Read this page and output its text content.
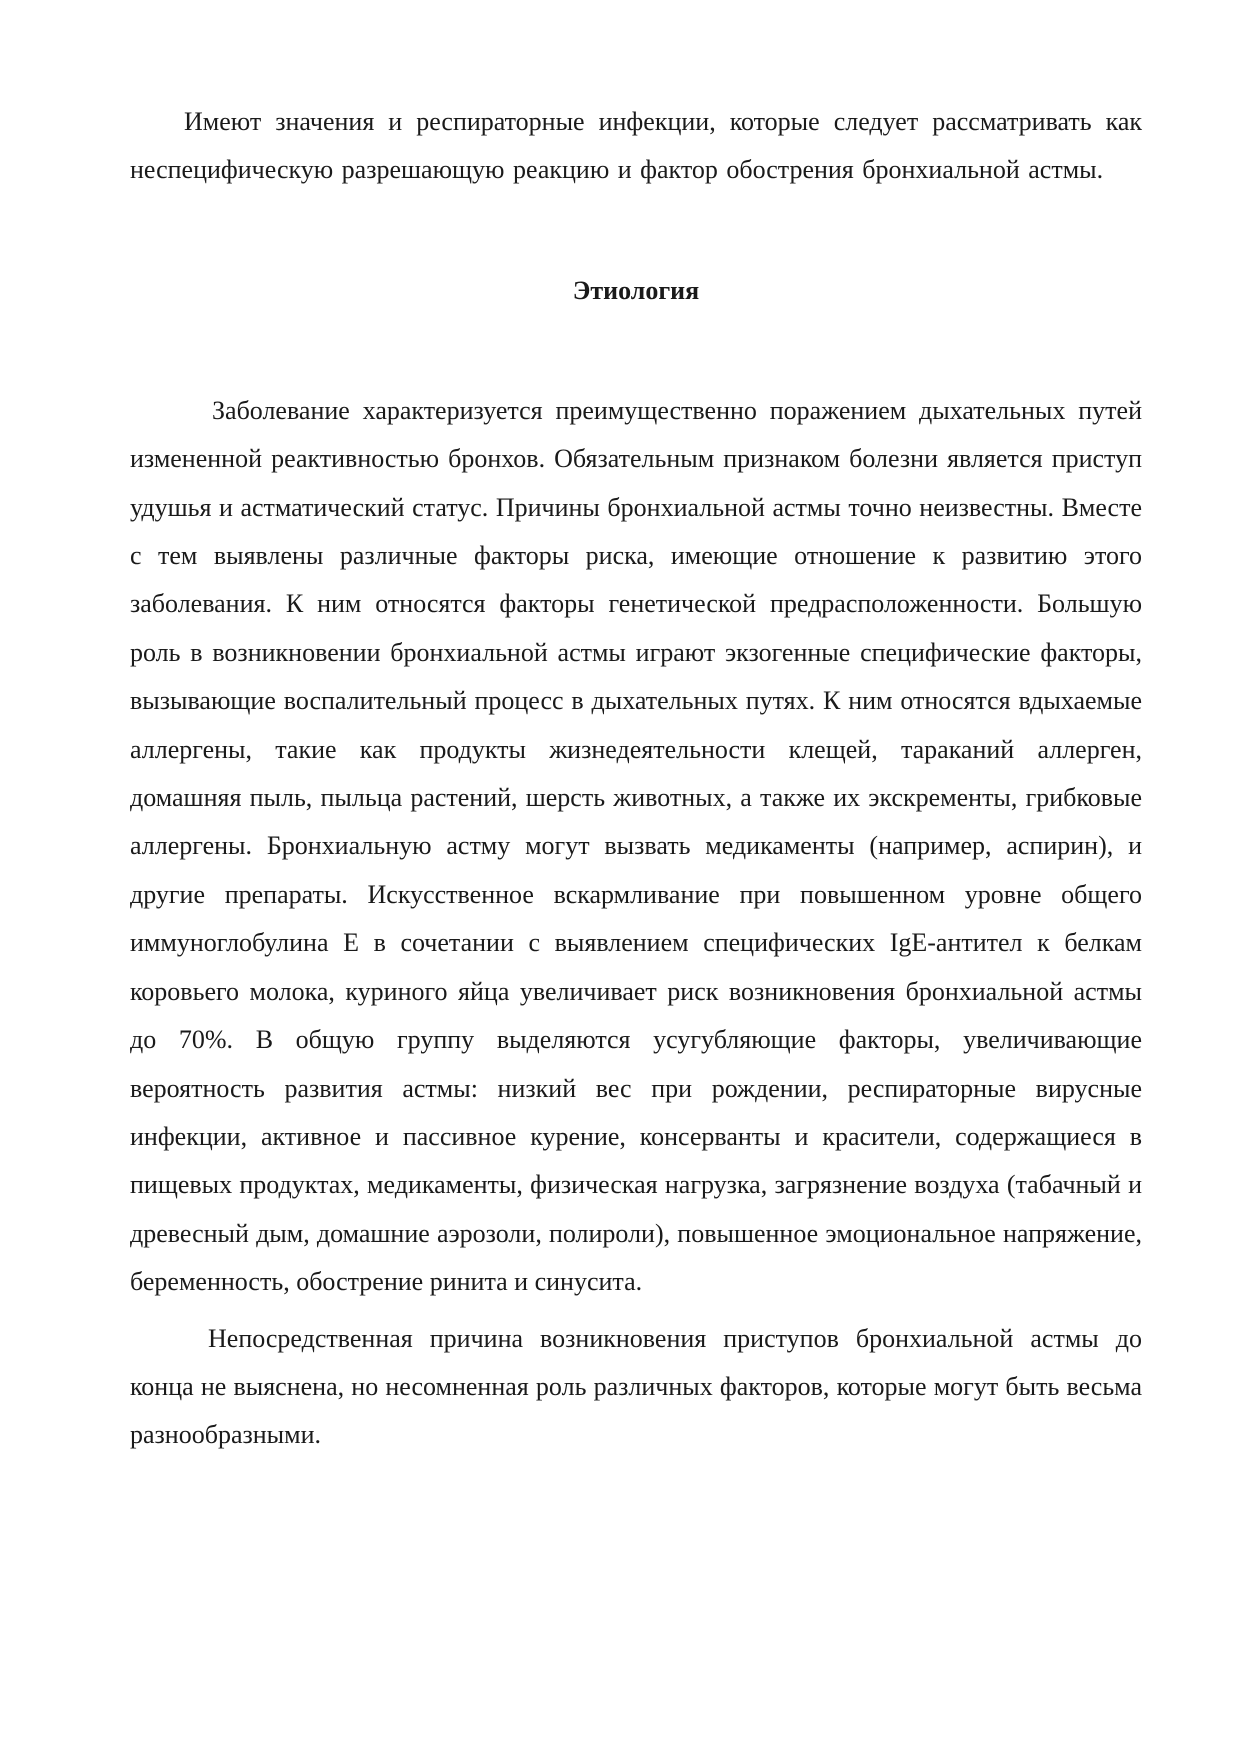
Имеют значения и респираторные инфекции, которые следует рассматривать как неспецифическую разрешающую реакцию и фактор обострения бронхиальной астмы.

Этиология

Заболевание характеризуется преимущественно поражением дыхательных путей измененной реактивностью бронхов. Обязательным признаком болезни является приступ удушья и астматический статус. Причины бронхиальной астмы точно неизвестны. Вместе с тем выявлены различные факторы риска, имеющие отношение к развитию этого заболевания. К ним относятся факторы генетической предрасположенности. Большую роль в возникновении бронхиальной астмы играют экзогенные специфические факторы, вызывающие воспалительный процесс в дыхательных путях. К ним относятся вдыхаемые аллергены, такие как продукты жизнедеятельности клещей, тараканий аллерген, домашняя пыль, пыльца растений, шерсть животных, а также их экскременты, грибковые аллергены. Бронхиальную астму могут вызвать медикаменты (например, аспирин), и другие препараты. Искусственное вскармливание при повышенном уровне общего иммуноглобулина Е в сочетании с выявлением специфических IgE-антител к белкам коровьего молока, куриного яйца увеличивает риск возникновения бронхиальной астмы до 70%. В общую группу выделяются усугубляющие факторы, увеличивающие вероятность развития астмы: низкий вес при рождении, респираторные вирусные инфекции, активное и пассивное курение, консерванты и красители, содержащиеся в пищевых продуктах, медикаменты, физическая нагрузка, загрязнение воздуха (табачный и древесный дым, домашние аэрозоли, полироли), повышенное эмоциональное напряжение, беременность, обострение ринита и синусита.

Непосредственная причина возникновения приступов бронхиальной астмы до конца не выяснена, но несомненная роль различных факторов, которые могут быть весьма разнообразными.
